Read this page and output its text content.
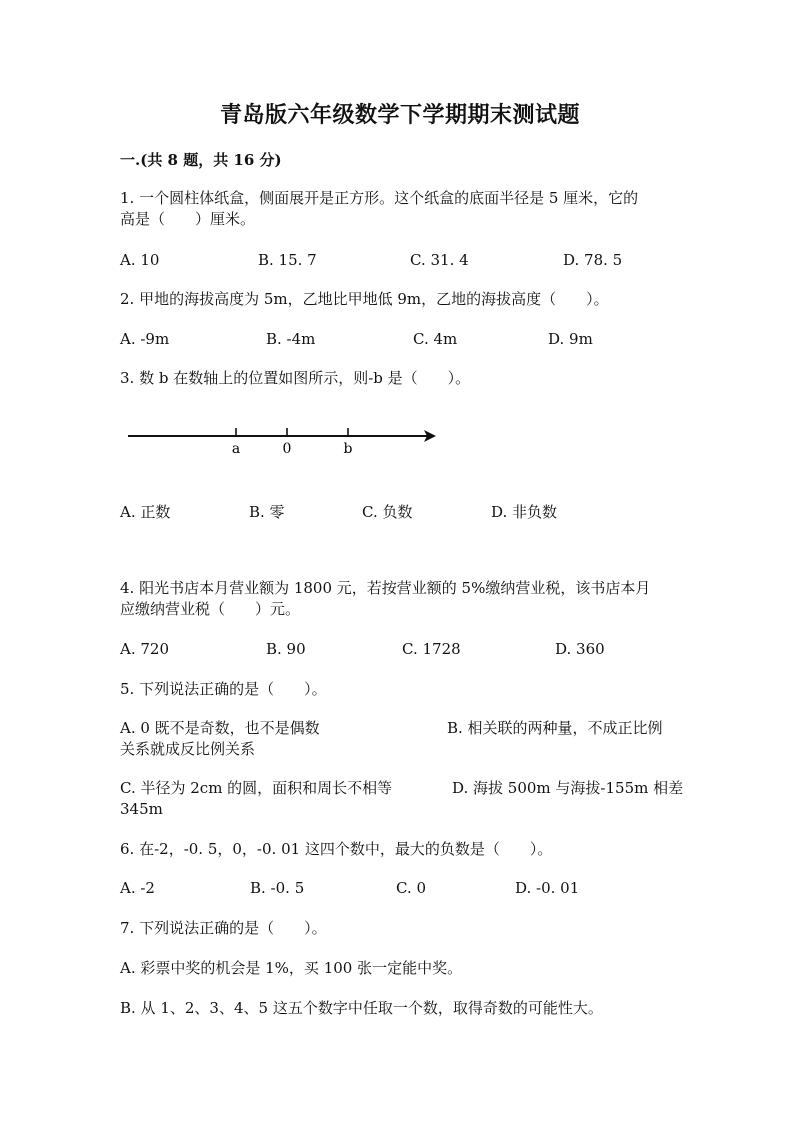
青岛版六年级数学下学期期末测试题
一.(共 8 题，共 16 分)
1. 一个圆柱体纸盒，侧面展开是正方形。这个纸盒的底面半径是 5 厘米，它的
高是（　　）厘米。
A. 10	B. 15. 7	C. 31. 4	D. 78. 5
2. 甲地的海拔高度为 5m，乙地比甲地低 9m，乙地的海拔高度（　　）。
A. -9m	B. -4m	C. 4m	D. 9m
3. 数 b 在数轴上的位置如图所示，则-b 是（　　）。
a	0	b
A. 正数	B. 零	C. 负数	D. 非负数
4. 阳光书店本月营业额为 1800 元，若按营业额的 5%缴纳营业税，该书店本月
应缴纳营业税（　　）元。
A. 720	B. 90	C. 1728	D. 360
5. 下列说法正确的是（　　）。
A. 0 既不是奇数，也不是偶数	B. 相关联的两种量，不成正比例
关系就成反比例关系
C. 半径为 2cm 的圆，面积和周长不相等	D. 海拔 500m 与海拔-155m 相差
345m
6. 在-2，-0. 5，0，-0. 01 这四个数中，最大的负数是（　　）。
A. -2	B. -0. 5	C. 0	D. -0. 01
7. 下列说法正确的是（　　）。
A. 彩票中奖的机会是 1%，买 100 张一定能中奖。
B. 从 1、2、3、4、5 这五个数字中任取一个数，取得奇数的可能性大。
